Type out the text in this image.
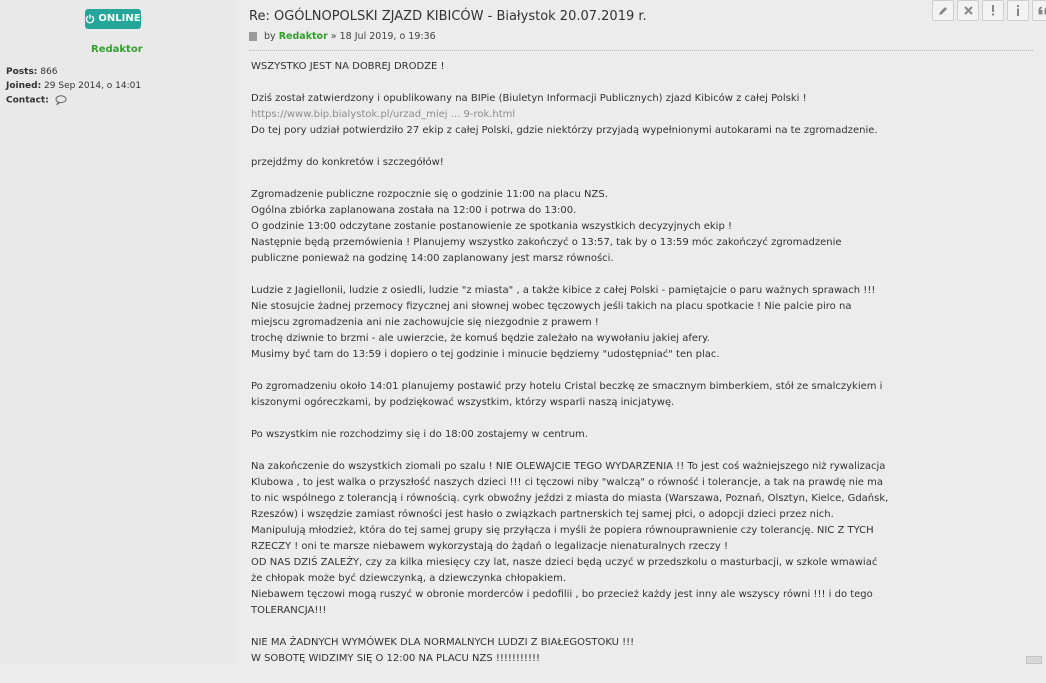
ONLINE
Redaktor
Posts: 866
Joined: 29 Sep 2014, o 14:01
Contact:
Re: OGÓLNOPOLSKI ZJAZD KIBICÓW - Białystok 20.07.2019 r.
by Redaktor » 18 Jul 2019, o 19:36

WSZYSTKO JEST NA DOBREJ DRODZE !

Dziś został zatwierdzony i opublikowany na BIPie (Biuletyn Informacji Publicznych) zjazd Kibiców z całej Polski !
https://www.bip.bialystok.pl/urzad_miej ... 9-rok.html
Do tej pory udział potwierdziło 27 ekip z całej Polski, gdzie niektórzy przyjadą wypełnionymi autokarami na te zgromadzenie.

przejdźmy do konkretów i szczegółów!

Zgromadzenie publiczne rozpocznie się o godzinie 11:00 na placu NZS.
Ogólna zbiórka zaplanowana została na 12:00 i potrwa do 13:00.
O godzinie 13:00 odczytane zostanie postanowienie ze spotkania wszystkich decyzyjnych ekip !
Następnie będą przemówienia ! Planujemy wszystko zakończyć o 13:57, tak by o 13:59 móc zakończyć zgromadzenie publiczne ponieważ na godzinę 14:00 zaplanowany jest marsz równości.

Ludzie z Jagiellonii, ludzie z osiedli, ludzie "z miasta" , a także kibice z całej Polski - pamiętajcie o paru ważnych sprawach !!!
Nie stosujcie żadnej przemocy fizycznej ani słownej wobec tęczowych jeśli takich na placu spotkacie ! Nie palcie piro na miejscu zgromadzenia ani nie zachowujcie się niezgodnie z prawem !
trochę dziwnie to brzmi - ale uwierzcie, że komuś będzie zależało na wywołaniu jakiej afery.
Musimy być tam do 13:59 i dopiero o tej godzinie i minucie będziemy "udostępniać" ten plac.

Po zgromadzeniu około 14:01 planujemy postawić przy hotelu Cristal beczkę ze smacznym bimberkiem, stół ze smalczykiem i kiszonymi ogóreczkami, by podziękować wszystkim, którzy wsparli naszą inicjatywę.

Po wszystkim nie rozchodzimy się i do 18:00 zostajemy w centrum.

Na zakończenie do wszystkich ziomali po szalu ! NIE OLEWAJCIE TEGO WYDARZENIA !! To jest coś ważniejszego niż rywalizacja Klubowa , to jest walka o przyszłość naszych dzieci !!! ci tęczowi niby "walczą" o równość i tolerancje, a tak na prawdę nie ma to nic wspólnego z tolerancją i równością. cyrk obwoźny jeździ z miasta do miasta (Warszawa, Poznań, Olsztyn, Kielce, Gdańsk, Rzeszów) i wszędzie zamiast równości jest hasło o związkach partnerskich tej samej płci, o adopcji dzieci przez nich.
Manipulują młodzież, która do tej samej grupy się przyłącza i myśli że popiera równouprawnienie czy tolerancję. NIC Z TYCH RZECZY ! oni te marsze niebawem wykorzystają do żądań o legalizacje nienaturalnych rzeczy !
OD NAS DZIŚ ZALEŻY, czy za kilka miesięcy czy lat, nasze dzieci będą uczyć w przedszkolu o masturbacji, w szkole wmawiać że chłopak może być dziewczynką, a dziewczynka chłopakiem.
Niebawem tęczowi mogą ruszyć w obronie morderców i pedofilii , bo przecież każdy jest inny ale wszyscy równi !!! i do tego TOLERANCJA!!!

NIE MA ŻADNYCH WYMÓWEK DLA NORMALNYCH LUDZI Z BIAŁEGOSTOKU !!!
W SOBOTĘ WIDZIMY SIĘ O 12:00 NA PLACU NZS !!!!!!!!!!!
